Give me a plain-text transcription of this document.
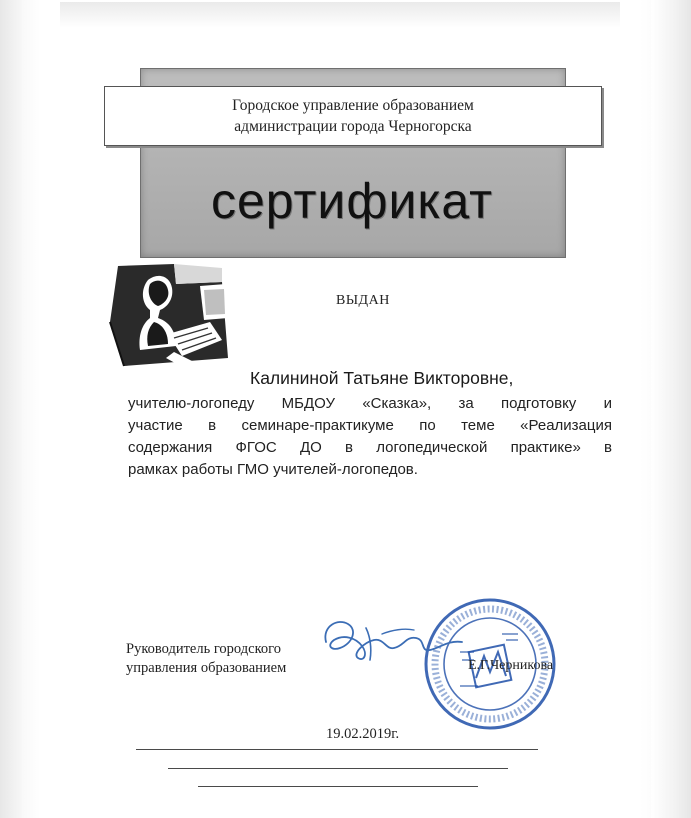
Городское управление образованием
администрации города Черногорска
сертификат
ВЫДАН
Калининой Татьяне Викторовне,
учителю-логопеду МБДОУ «Сказка», за подготовку и
участие в семинаре-практикуме по теме «Реализация
содержания ФГОС ДО в логопедической практике» в
рамках работы ГМО учителей-логопедов.
Руководитель городского
управления образованием	Е.Г.Черникова
19.02.2019г.
